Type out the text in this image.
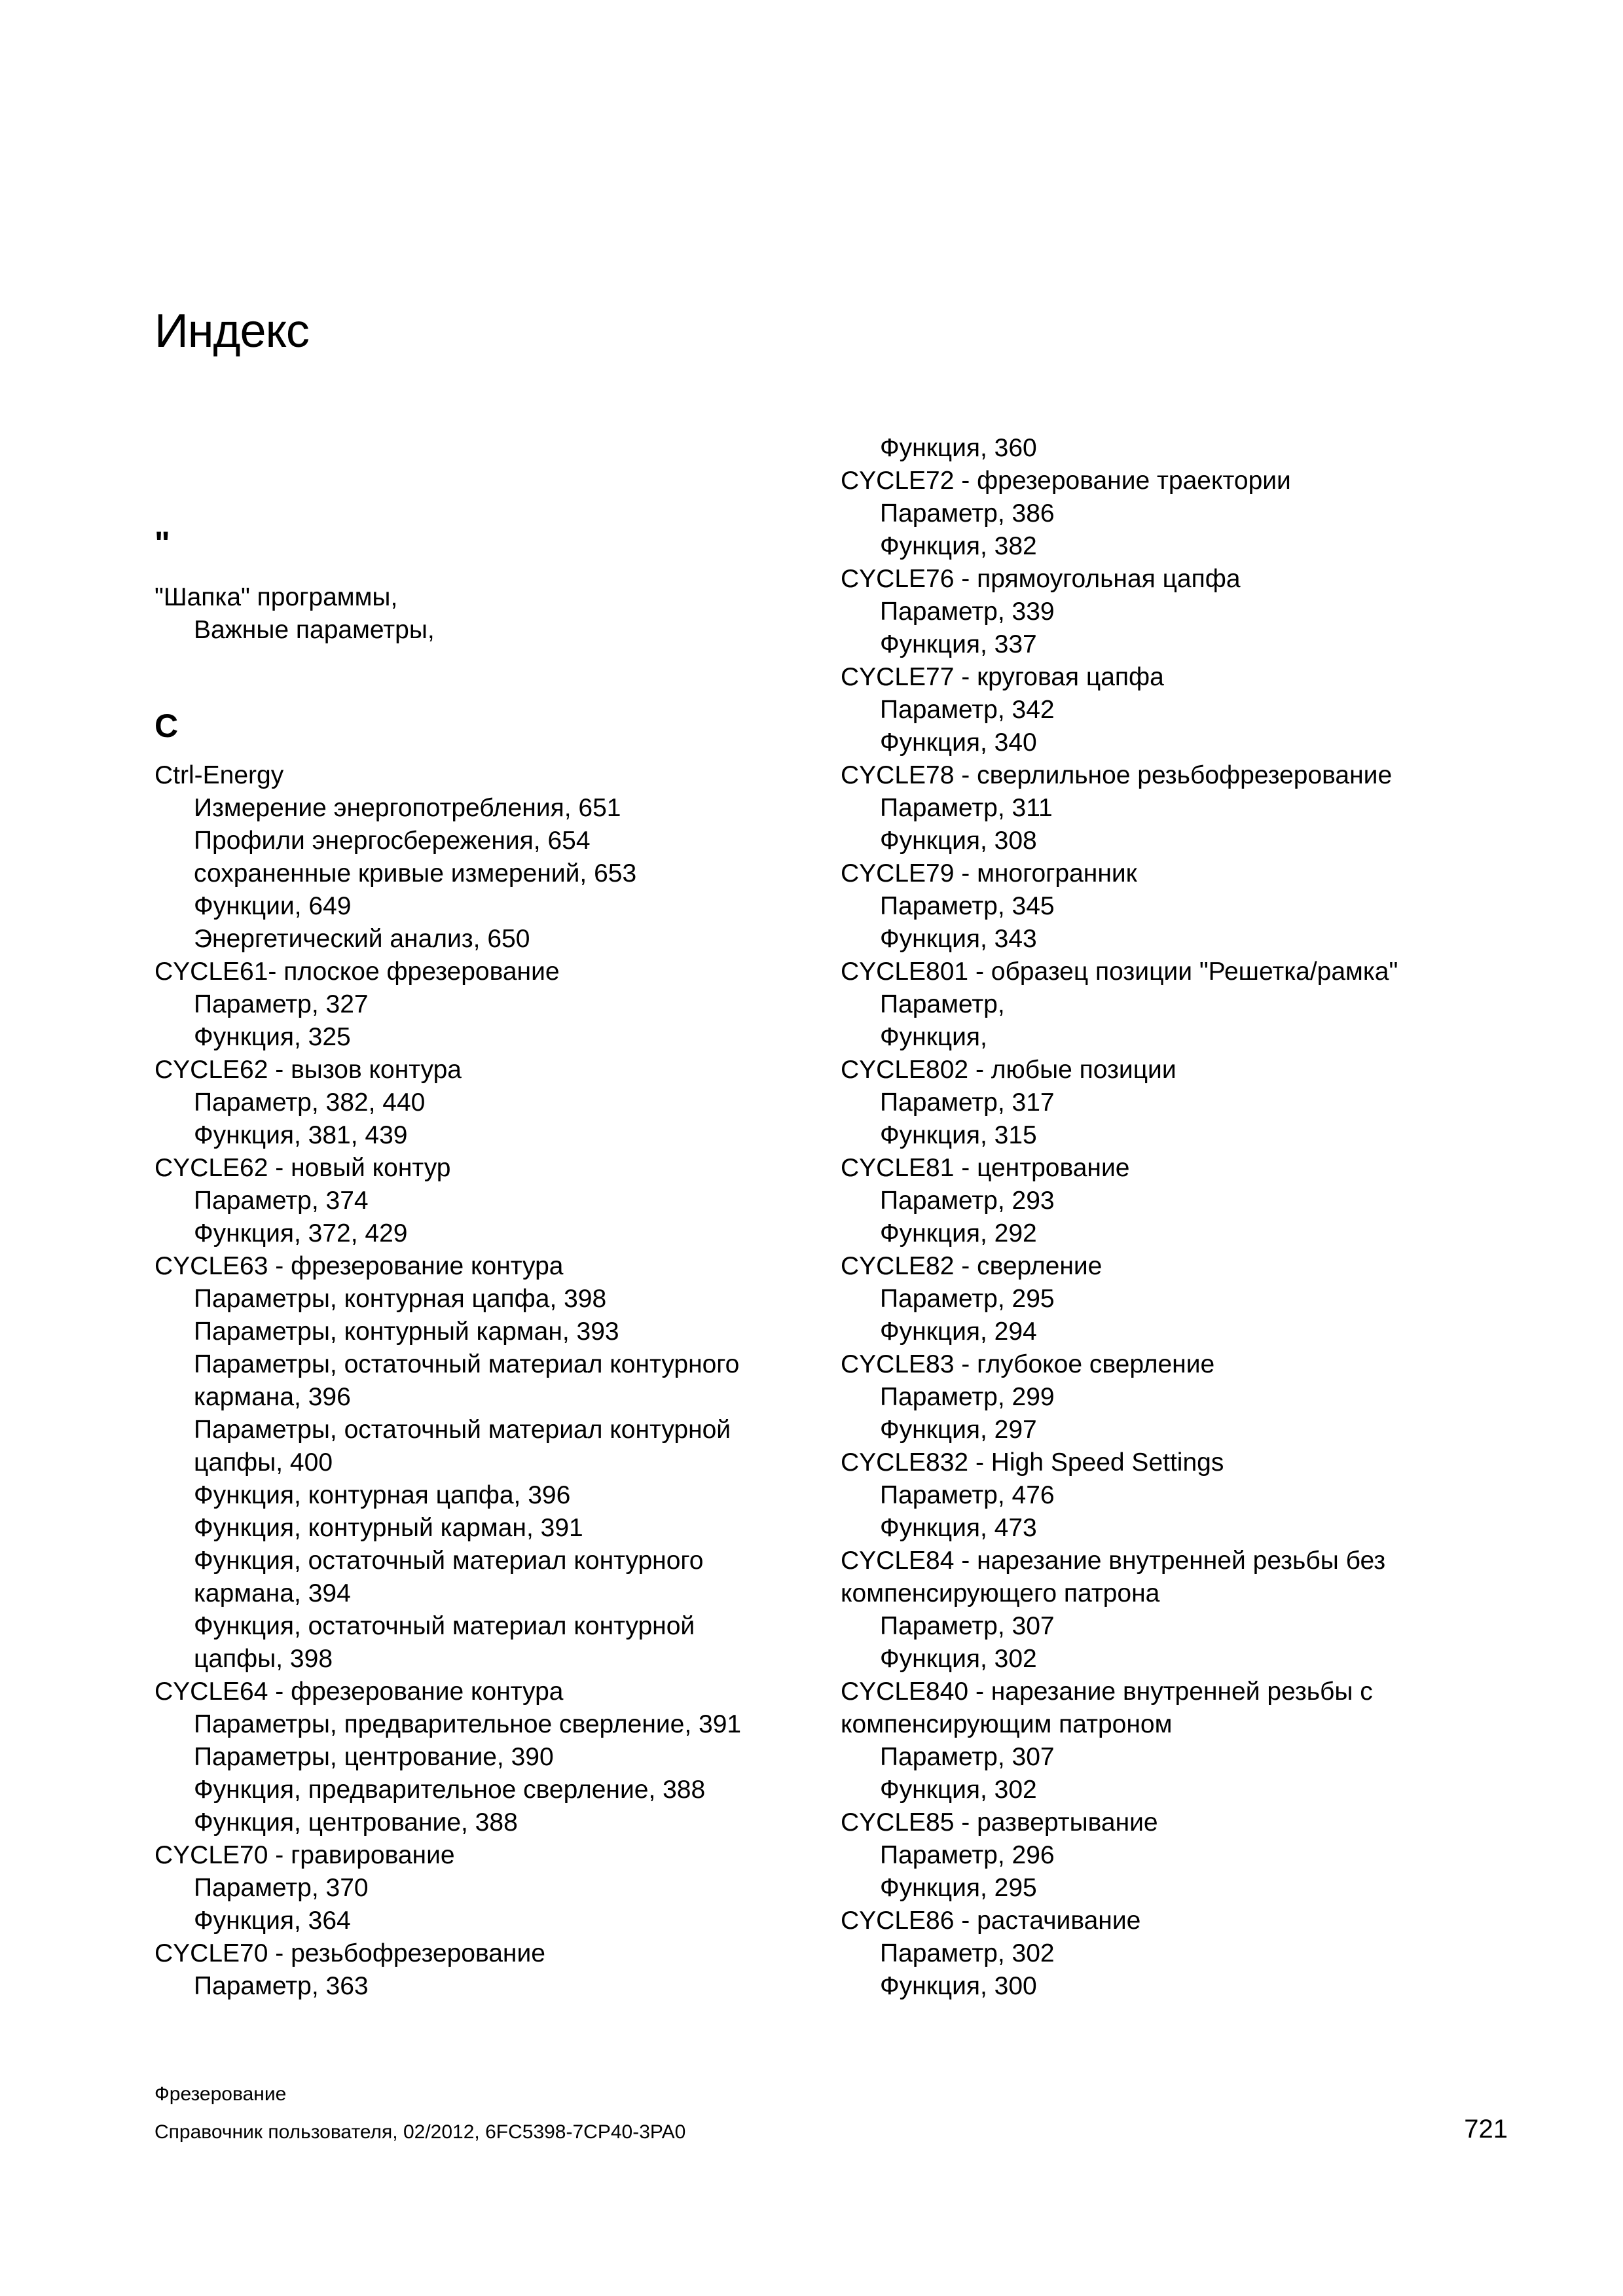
Индекс
"
"Шапка" программы,
Важные параметры,
C
Ctrl-Energy
Измерение энергопотребления, 651
Профили энергосбережения, 654
сохраненные кривые измерений, 653
Функции, 649
Энергетический анализ, 650
CYCLE61- плоское фрезерование
Параметр, 327
Функция, 325
CYCLE62 - вызов контура
Параметр, 382, 440
Функция, 381, 439
CYCLE62 - новый контур
Параметр, 374
Функция, 372, 429
CYCLE63 - фрезерование контура
Параметры, контурная цапфа, 398
Параметры, контурный карман, 393
Параметры, остаточный материал контурного
кармана, 396
Параметры, остаточный материал контурной
цапфы, 400
Функция, контурная цапфа, 396
Функция, контурный карман, 391
Функция, остаточный материал контурного
кармана, 394
Функция, остаточный материал контурной
цапфы, 398
CYCLE64 - фрезерование контура
Параметры, предварительное сверление, 391
Параметры, центрование, 390
Функция, предварительное сверление, 388
Функция, центрование, 388
CYCLE70 - гравирование
Параметр, 370
Функция, 364
CYCLE70 - резьбофрезерование
Параметр, 363
Функция, 360
CYCLE72 - фрезерование траектории
Параметр, 386
Функция, 382
CYCLE76 - прямоугольная цапфа
Параметр, 339
Функция, 337
CYCLE77 - круговая цапфа
Параметр, 342
Функция, 340
CYCLE78 - сверлильное резьбофрезерование
Параметр, 311
Функция, 308
CYCLE79 - многогранник
Параметр, 345
Функция, 343
CYCLE801 - образец позиции "Решетка/рамка"
Параметр,
Функция,
CYCLE802 - любые позиции
Параметр, 317
Функция, 315
CYCLE81 - центрование
Параметр, 293
Функция, 292
CYCLE82 - сверление
Параметр, 295
Функция, 294
CYCLE83 - глубокое сверление
Параметр, 299
Функция, 297
CYCLE832 - High Speed Settings
Параметр, 476
Функция, 473
CYCLE84 - нарезание внутренней резьбы без
компенсирующего патрона
Параметр, 307
Функция, 302
CYCLE840 - нарезание внутренней резьбы с
компенсирующим патроном
Параметр, 307
Функция, 302
CYCLE85 - развертывание
Параметр, 296
Функция, 295
CYCLE86 - растачивание
Параметр, 302
Функция, 300
Фрезерование
Справочник пользователя, 02/2012, 6FC5398-7CP40-3PA0	721
